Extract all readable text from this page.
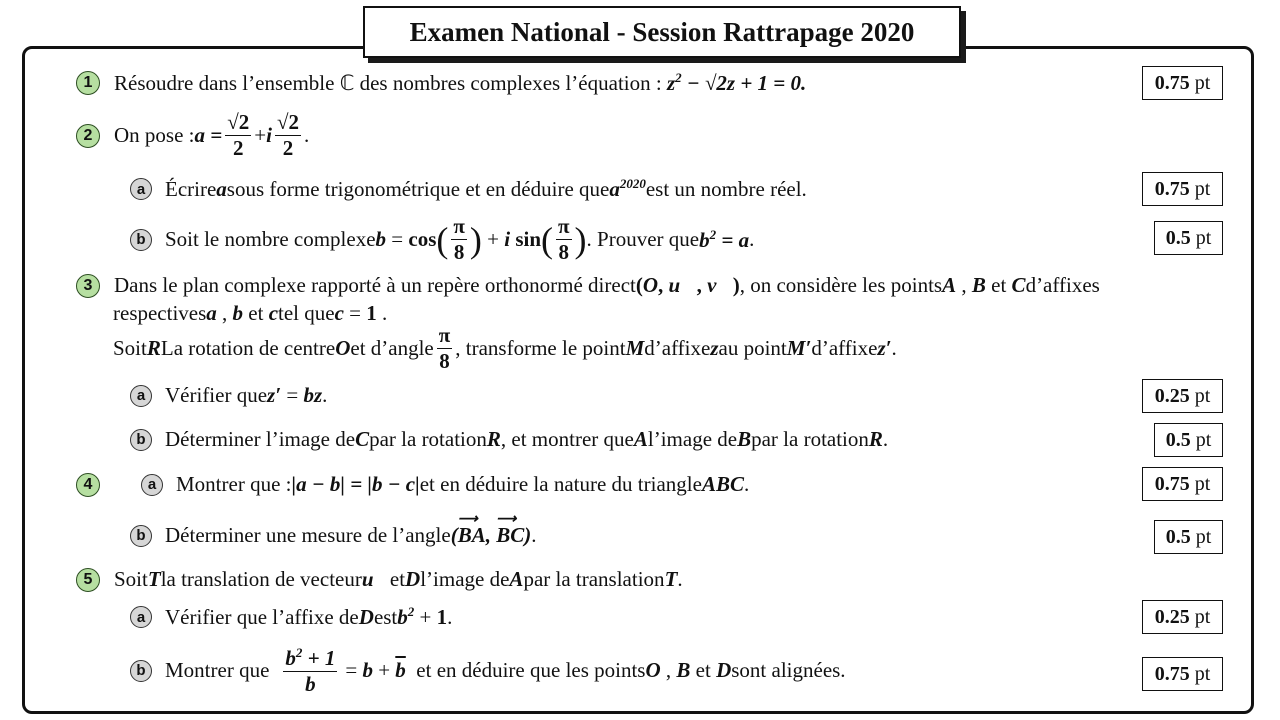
Examen National - Session Rattrapage 2020
1	Résoudre dans l’ensemble ℂ des nombres complexes l’équation : $z^2 - √2z + 1 = 0$.	0.75 pt
2	On pose : $a = \frac{√2}{2} + i \frac{√2}{2}$ .
a Écrire a sous forme trigonométrique et en déduire que $a^{2020}$ est un nombre réel.	0.75 pt
b Soit le nombre complexe b = cos ( $\frac{\pi}{8}$ ) + i
sin ( $\frac{\pi}{8}$ ) . Prouver que $b^2 = a$ .	0.5 pt
3	Dans le plan complexe rapporté à un repère orthonormé direct (O, u⃗, v⃗) , on considère les points A , B et C d’affixes
respectives a , b et c tel que c = 1 .
Soit R La rotation de centre O et d’angle $\frac{\pi}{8}$ , transforme le point M d’affixe z au point M′ d’affixe z′ .
a Vérifier que z′ = bz .	0.25 pt
b Déterminer l’image de C par la rotation R , et montrer que A l’image de B par la rotation R .	0.5 pt
4	a Montrer que : |a − b| = |b − c| et en déduire la nature du triangle ABC .	0.75 pt
b Déterminer une mesure de l’angle (BA
⟶
, BC
⟶
) .	0.5 pt
5	Soit T la translation de vecteur u⃗ et D l’image de A par la translation T .
a Vérifier que l’affixe de D est $b^2 + 1$ .	0.25 pt
b Montrer que $\frac{b^2 + 1}{b} = b + \overline{b}$
et en déduire que les points O , B et D sont alignées.	0.75 pt
